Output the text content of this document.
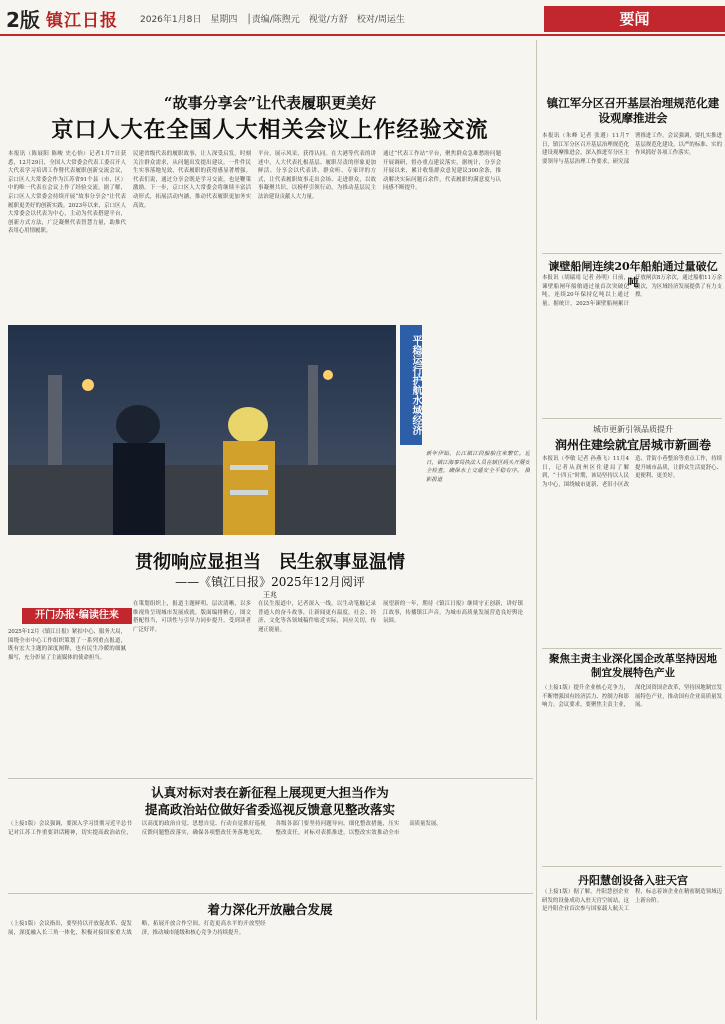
2版 镇江日报 2026年1月8日　星期四　│责编/陈煦元　视觉/方舒　校对/周运生	要闻
“故事分享会”让代表履职更美好
京口人大在全国人大相关会议上作经验交流
本报讯（陈展阳 陈峻 史心怡）记者1月7日获悉，12月29日，全国人大常委会代表工委召开人大代表学习培训工作暨代表履职创新交流会议，京口区人大常委会作为江苏省91个县（市、区）中的唯一代表在会议上作了经验交流。据了解，京口区人大常委会持续开展“故事分享会”让代表履职更美好的创新实践。2023年以来，京口区人大常委会以代表为中心，主动为代表搭建平台，创新方式方法，广泛凝聚代表智慧力量，助推代表用心用情履职。
民建省级代表的履职故事，让人深受启发。时刻关注群众需求，从问题出发提出建议，一件件民生实事落地见效，代表履职的获得感显著增强。代表们说，通过分享会既是学习交流，也是鞭策激励。下一步，京口区人大常委会将继续丰富活动形式，拓展活动内涵，推动代表履职更加务实高效。
平台，展示风采，获得认同。在大港等代表的讲述中，人大代表扎根基层、履职尽责的形象更加鲜活。分享会以代表讲、群众听、专家评的方式，让代表履职故事走出会场、走进群众，以故事凝聚共识，以榜样引领行动，为推动基层民主法治建设贡献人大力量。
通过“代表工作站”平台，聚焦群众急难愁盼问题开展调研，督办重点建议落实。据统计，分享会开展以来，累计收集群众意见建议300余条，推动解决实际问题百余件，代表履职的满意度与认同感不断提升。
平稳运行护航水域经济
新年伊始，长江镇江段船舶往来繁忙。近日，镇江海事局执法人员在辖区码头开展安全检查，确保水上交通安全平稳有序。 摄影报道
贯彻响应显担当　民生叙事显温情
——《镇江日报》2025年12月阅评
王兆
开门办报·编读往来
2025年12月《镇江日报》紧扣中心、服务大局，围绕全市中心工作组织策划了一系列重点报道，既有宏大主题的深度阐释，也有民生冷暖的细腻描写，充分彰显了主流媒体的使命担当。
在策划组织上，报道主题鲜明、层次清晰，以多维视角呈现城市发展成就。版面编排精心，图文搭配得当，可读性与引导力同步提升，受到读者广泛好评。
在民生报道中，记者深入一线，以生动笔触记录普通人的奋斗故事，让新闻更有温度。社会、经济、文化等各领域稿件贴近实际，回应关切，传递正能量。
展望新的一年，期待《镇江日报》继续守正创新，讲好镇江故事，传播镇江声音，为城市高质量发展营造良好舆论氛围。
认真对标对表在新征程上展现更大担当作为
提高政治站位做好省委巡视反馈意见整改落实
（上接1版）会议强调，要深入学习贯彻习近平总书记对江苏工作重要讲话精神，切实提高政治站位，以高度的政治自觉、思想自觉、行动自觉抓好巡视反馈问题整改落实，确保各项整改任务落地见效。各级各部门要坚持问题导向，细化整改措施，压实整改责任，对标对表抓推进，以整改实效推动全市高质量发展。
着力深化开放融合发展
（上接1版）会议指出，要坚持以开放促改革、促发展，深度融入长三角一体化，积极对接国家重大战略，拓展开放合作空间，打造更高水平的开放型经济，推动城市能级和核心竞争力持续提升。
镇江军分区召开基层治理规范化建设观摩推进会
本报讯（朱峰 记者 张遵）11月7日，镇江军分区召开基层治理规范化建设观摩推进会，深入推进军分区主要领导与基层治理工作要求，研究部署推进工作。会议强调，要扎实推进基层规范化建设，以严的标准、实的作风抓好各项工作落实。
谏壁船闸连续20年船舶通过量破亿吨
本报讯（胡瑞靖 记者 孙明）日前，谏壁船闸年船舶通过量首次突破亿吨，连续20年保持亿吨以上通过量。据统计，2025年谏壁船闸累计开放闸次8万余次，通过船舶11万余艘次，为区域经济发展提供了有力支撑。
城市更新引领品质提升
润州住建绘就宜居城市新画卷
本报讯（李敏 记者 孙燕飞）11月4日，记者从润州区住建局了解到，“十四五”时期，该局坚持以人民为中心，围绕城市更新、老旧小区改造、背街小巷整治等重点工作，持续提升城市品质，让群众生活更舒心、更便利、更美好。
聚焦主责主业深化国企改革坚持因地制宜发展特色产业
（上接1版）提升企业核心竞争力，不断增强国有经济活力、控制力和影响力。会议要求，要聚焦主责主业，深化国资国企改革，坚持因地制宜发展特色产业，推动国有企业高质量发展。
丹阳慧创设备入驻天宫
（上接1版）据了解，丹阳慧创企业研发的设备成功入驻天宫空间站，这是丹阳企业首次参与国家载人航天工程，标志着该企业在精密制造领域迈上新台阶。
